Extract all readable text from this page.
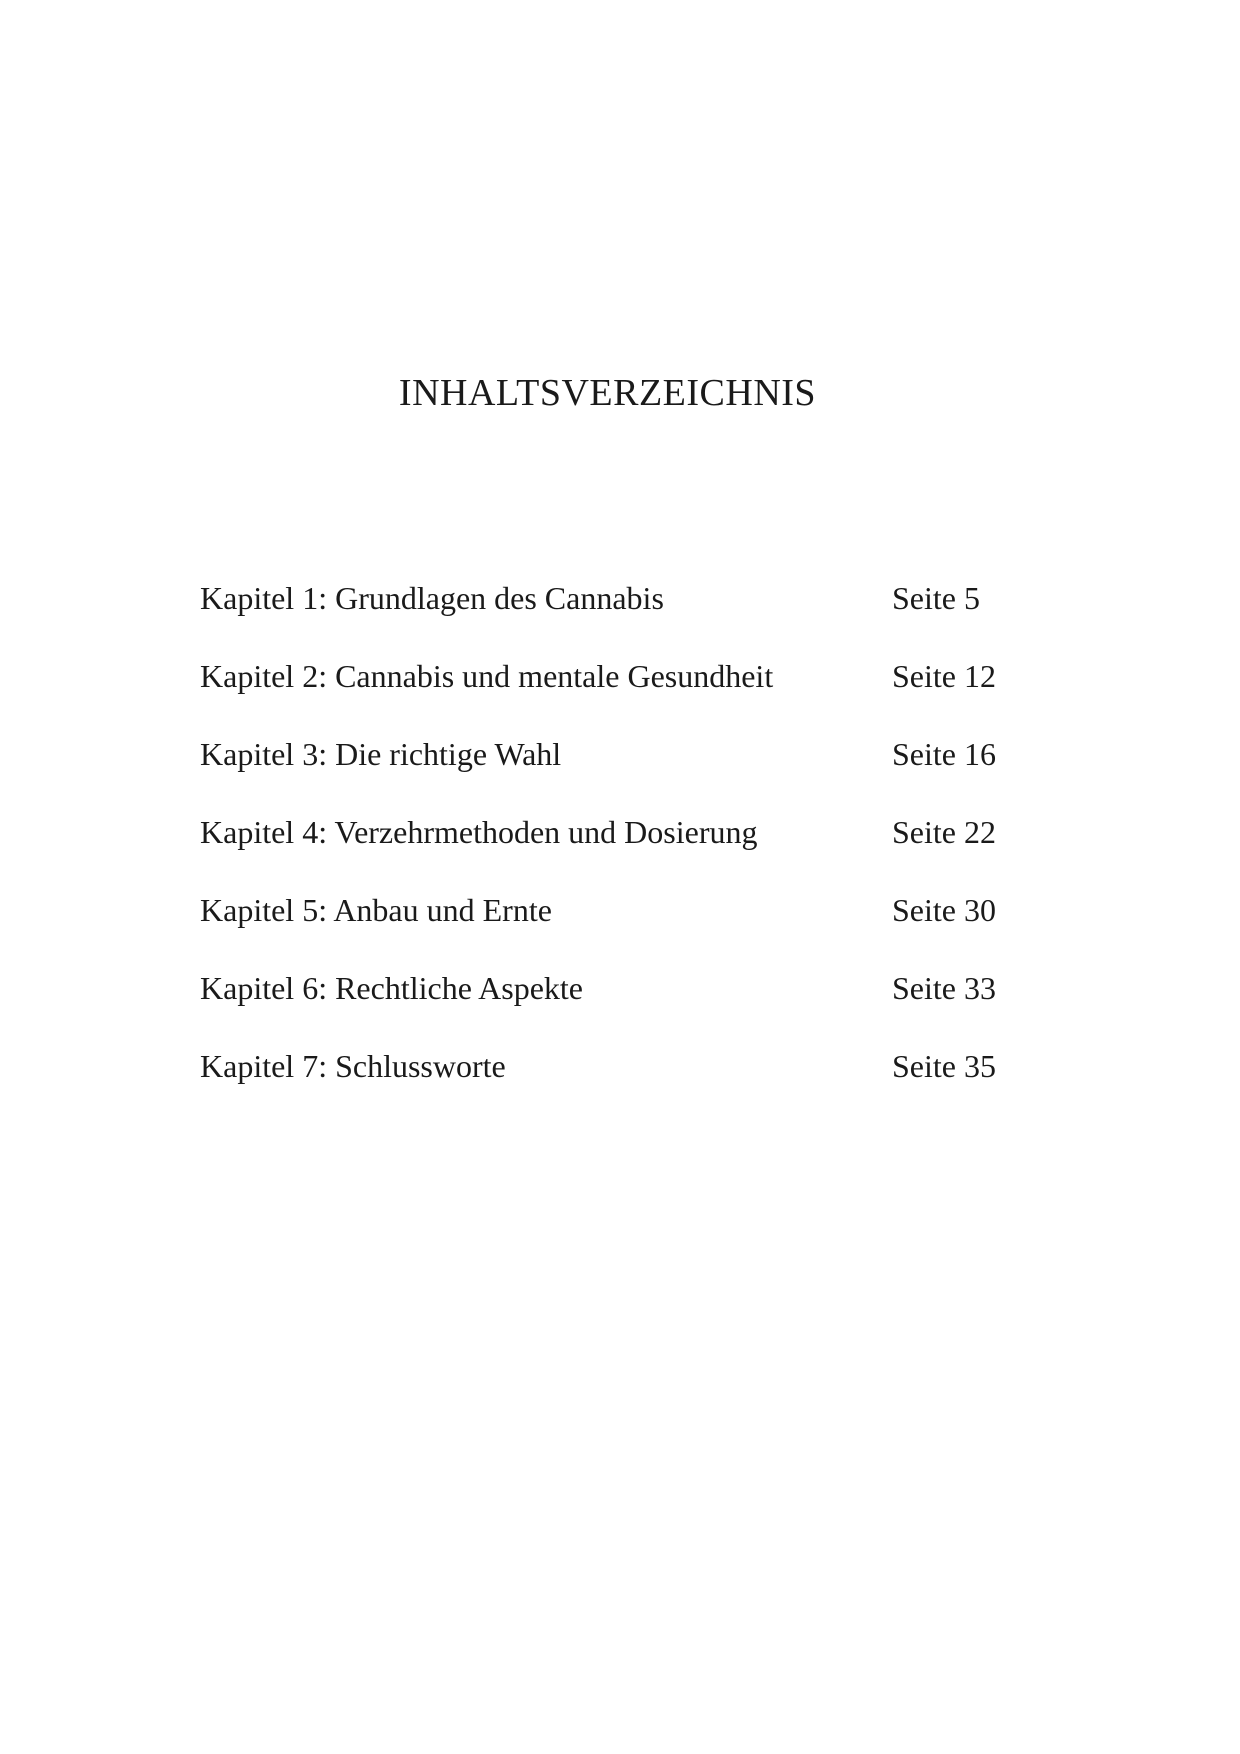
INHALTSVERZEICHNIS
Kapitel 1: Grundlagen des Cannabis	Seite 5
Kapitel 2: Cannabis und mentale Gesundheit	Seite 12
Kapitel 3: Die richtige Wahl	Seite 16
Kapitel 4: Verzehrmethoden und Dosierung	Seite 22
Kapitel 5: Anbau und Ernte	Seite 30
Kapitel 6: Rechtliche Aspekte	Seite 33
Kapitel 7: Schlussworte	Seite 35
